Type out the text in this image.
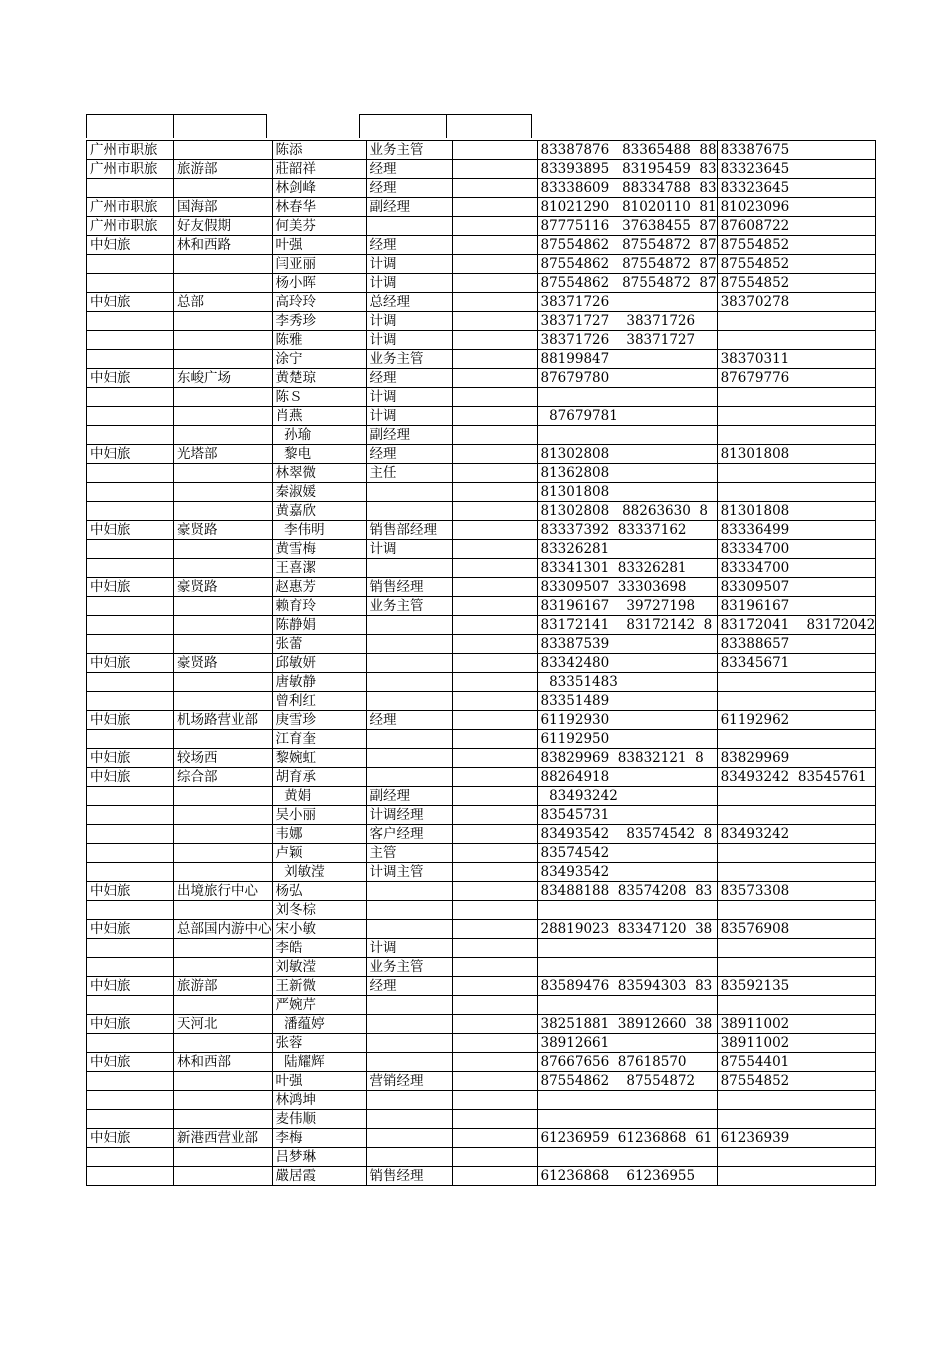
广州市职旅		陈添	业务主管		83387876   83365488  88	83387675
广州市职旅	旅游部	莊韶祥	经理		83393895   83195459  83	83323645
		林剑峰	经理		83338609   88334788  83	83323645
广州市职旅	国海部	林春华	副经理		81021290   81020110  81	81023096
广州市职旅	好友假期	何美芬			87775116   37638455  87	87608722
中妇旅	林和西路	叶强	经理		87554862   87554872  87	87554852
		闫亚丽	计调		87554862   87554872  87	87554852
		杨小晖	计调		87554862   87554872  87	87554852
中妇旅	总部	高玲玲	总经理		38371726	38370278
		李秀珍	计调		38371727    38371726	
		陈雅	计调		38371726    38371727	
		涂宁	业务主管		88199847	38370311
中妇旅	东峻广场	黄楚琼	经理		87679780	87679776
		陈Ｓ	计调			
		肖燕	计调		87679781	
		孙瑜	副经理			
中妇旅	光塔部	黎电	经理		81302808	81301808
		林翠微	主任		81362808	
		秦淑媛			81301808	
		黄嘉欣			81302808   88263630  8	81301808
中妇旅	豪贤路	李伟明	销售部经理		83337392  83337162	83336499
		黄雪梅	计调		83326281	83334700
		王喜潔			83341301  83326281	83334700
中妇旅	豪贤路	赵惠芳	销售经理		83309507  33303698	83309507
		赖育玲	业务主管		83196167    39727198	83196167
		陈静娟			83172141    83172142  8	83172041    83172042
		张蕾			83387539	83388657
中妇旅	豪贤路	邱敏妍			83342480	83345671
		唐敏静			83351483	
		曾利红			83351489	
中妇旅	机场路营业部	庚雪珍	经理		61192930	61192962
		江育奎			61192950	
中妇旅	较场西	黎婉虹			83829969  83832121  8	83829969
中妇旅	综合部	胡育承			88264918	83493242  83545761
		黄娟	副经理		83493242	
		吴小丽	计调经理		83545731	
		韦娜	客户经理		83493542    83574542  8	83493242
		卢颖	主管		83574542	
		刘敏滢	计调主管		83493542	
中妇旅	出境旅行中心	杨弘			83488188  83574208  83	83573308
		刘冬棕				
中妇旅	总部国内游中心	宋小敏			28819023  83347120  38	83576908
		李皓	计调			
		刘敏滢	业务主管			
中妇旅	旅游部	王新微	经理		83589476  83594303  83	83592135
		严婉芹				
中妇旅	天河北	潘蕴婷			38251881  38912660  38	38911002
		张蓉			38912661	38911002
中妇旅	林和西部	陆耀辉			87667656  87618570	87554401
		叶强	营销经理		87554862    87554872	87554852
		林鸿坤				
		麦伟顺				
中妇旅	新港西营业部	李梅			61236959  61236868  61	61236939
		吕梦琳				
		嚴居霞	销售经理		61236868    61236955	
